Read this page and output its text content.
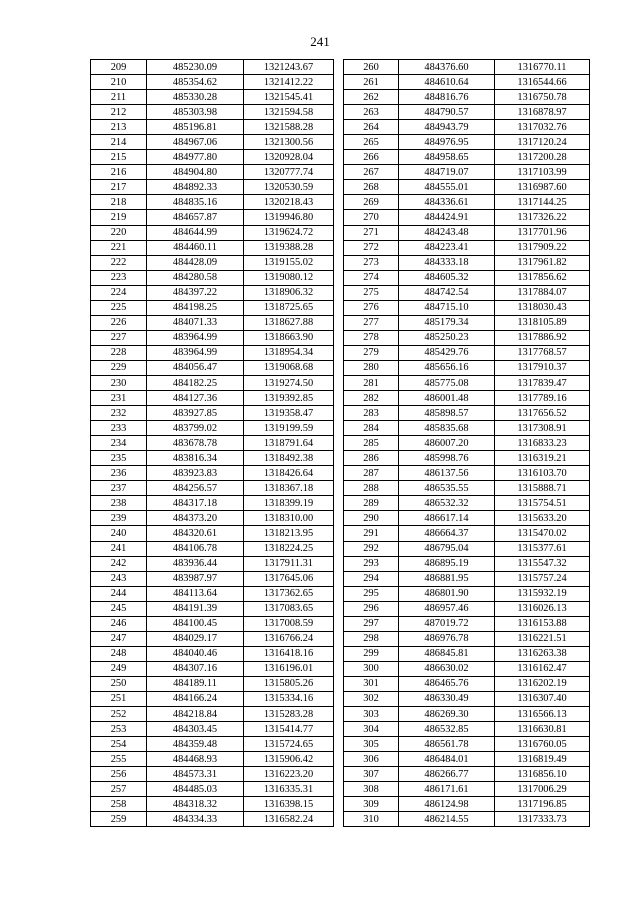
241
209	485230.09	1321243.67
210	485354.62	1321412.22
211	485330.28	1321545.41
212	485303.98	1321594.58
213	485196.81	1321588.28
214	484967.06	1321300.56
215	484977.80	1320928.04
216	484904.80	1320777.74
217	484892.33	1320530.59
218	484835.16	1320218.43
219	484657.87	1319946.80
220	484644.99	1319624.72
221	484460.11	1319388.28
222	484428.09	1319155.02
223	484280.58	1319080.12
224	484397.22	1318906.32
225	484198.25	1318725.65
226	484071.33	1318627.88
227	483964.99	1318663.90
228	483964.99	1318954.34
229	484056.47	1319068.68
230	484182.25	1319274.50
231	484127.36	1319392.85
232	483927.85	1319358.47
233	483799.02	1319199.59
234	483678.78	1318791.64
235	483816.34	1318492.38
236	483923.83	1318426.64
237	484256.57	1318367.18
238	484317.18	1318399.19
239	484373.20	1318310.00
240	484320.61	1318213.95
241	484106.78	1318224.25
242	483936.44	1317911.31
243	483987.97	1317645.06
244	484113.64	1317362.65
245	484191.39	1317083.65
246	484100.45	1317008.59
247	484029.17	1316766.24
248	484040.46	1316418.16
249	484307.16	1316196.01
250	484189.11	1315805.26
251	484166.24	1315334.16
252	484218.84	1315283.28
253	484303.45	1315414.77
254	484359.48	1315724.65
255	484468.93	1315906.42
256	484573.31	1316223.20
257	484485.03	1316335.31
258	484318.32	1316398.15
259	484334.33	1316582.24
260	484376.60	1316770.11
261	484610.64	1316544.66
262	484816.76	1316750.78
263	484790.57	1316878.97
264	484943.79	1317032.76
265	484976.95	1317120.24
266	484958.65	1317200.28
267	484719.07	1317103.99
268	484555.01	1316987.60
269	484336.61	1317144.25
270	484424.91	1317326.22
271	484243.48	1317701.96
272	484223.41	1317909.22
273	484333.18	1317961.82
274	484605.32	1317856.62
275	484742.54	1317884.07
276	484715.10	1318030.43
277	485179.34	1318105.89
278	485250.23	1317886.92
279	485429.76	1317768.57
280	485656.16	1317910.37
281	485775.08	1317839.47
282	486001.48	1317789.16
283	485898.57	1317656.52
284	485835.68	1317308.91
285	486007.20	1316833.23
286	485998.76	1316319.21
287	486137.56	1316103.70
288	486535.55	1315888.71
289	486532.32	1315754.51
290	486617.14	1315633.20
291	486664.37	1315470.02
292	486795.04	1315377.61
293	486895.19	1315547.32
294	486881.95	1315757.24
295	486801.90	1315932.19
296	486957.46	1316026.13
297	487019.72	1316153.88
298	486976.78	1316221.51
299	486845.81	1316263.38
300	486630.02	1316162.47
301	486465.76	1316202.19
302	486330.49	1316307.40
303	486269.30	1316566.13
304	486532.85	1316630.81
305	486561.78	1316760.05
306	486484.01	1316819.49
307	486266.77	1316856.10
308	486171.61	1317006.29
309	486124.98	1317196.85
310	486214.55	1317333.73
